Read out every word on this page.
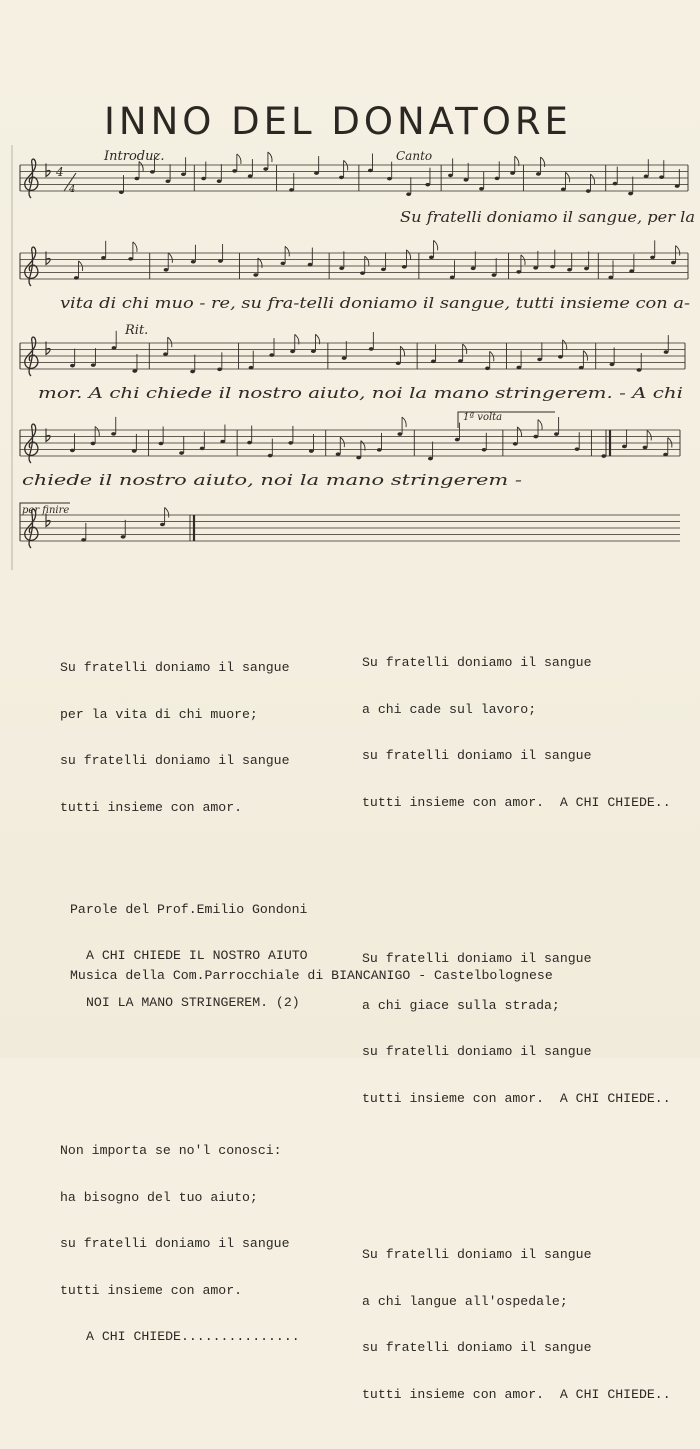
INNO DEL DONATORE
4
4
Introduz.	Canto
Rit.
1ª volta
per finire
Su fratelli doniamo il sangue, per la
vita di chi muo - re, su fra-telli doniamo il sangue, tutti insieme con a-
mor. A chi chiede il nostro aiuto, noi la mano stringerem. - A chi
chiede il nostro aiuto, noi la mano stringerem -

Su fratelli doniamo il sangue

per la vita di chi muore;

su fratelli doniamo il sangue

tutti insieme con amor.

A CHI CHIEDE IL NOSTRO AIUTO

NOI LA MANO STRINGEREM. (2)

Non importa se no'l conosci:

ha bisogno del tuo aiuto;

su fratelli doniamo il sangue

tutti insieme con amor.

A CHI CHIEDE...............

Su fratelli doniamo il sangue

a chi cade sul lavoro;

su fratelli doniamo il sangue

tutti insieme con amor.  A CHI CHIEDE..

Su fratelli doniamo il sangue

a chi giace sulla strada;

su fratelli doniamo il sangue

tutti insieme con amor.  A CHI CHIEDE..

Su fratelli doniamo il sangue

a chi langue all'ospedale;

su fratelli doniamo il sangue

tutti insieme con amor.  A CHI CHIEDE..

Parole del Prof.Emilio Gondoni

Musica della Com.Parrocchiale di BIANCANIGO - Castelbolognese
